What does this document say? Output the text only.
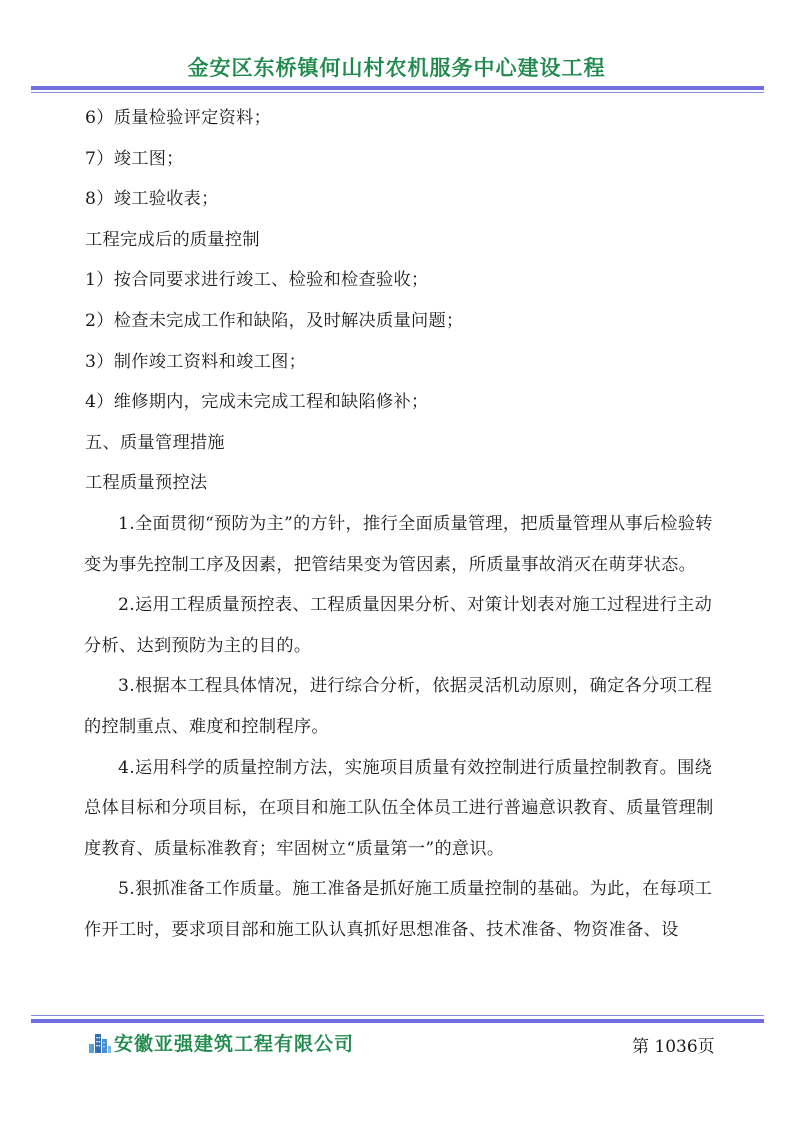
金安区东桥镇何山村农机服务中心建设工程

6）质量检验评定资料；

7）竣工图；

8）竣工验收表；

工程完成后的质量控制

1）按合同要求进行竣工、检验和检查验收；

2）检查未完成工作和缺陷，及时解决质量问题；

3）制作竣工资料和竣工图；

4）维修期内，完成未完成工程和缺陷修补；

五、质量管理措施

工程质量预控法

1.全面贯彻“预防为主”的方针，推行全面质量管理，把质量管理从事后检验转变为事先控制工序及因素，把管结果变为管因素，所质量事故消灭在萌芽状态。

2.运用工程质量预控表、工程质量因果分析、对策计划表对施工过程进行主动分析、达到预防为主的目的。

3.根据本工程具体情况，进行综合分析，依据灵活机动原则，确定各分项工程的控制重点、难度和控制程序。

4.运用科学的质量控制方法，实施项目质量有效控制进行质量控制教育。围绕总体目标和分项目标，在项目和施工队伍全体员工进行普遍意识教育、质量管理制度教育、质量标准教育；牢固树立“质量第一”的意识。

5.狠抓准备工作质量。施工准备是抓好施工质量控制的基础。为此，在每项工作开工时，要求项目部和施工队认真抓好思想准备、技术准备、物资准备、设

安徽亚强建筑工程有限公司	第 1036页
